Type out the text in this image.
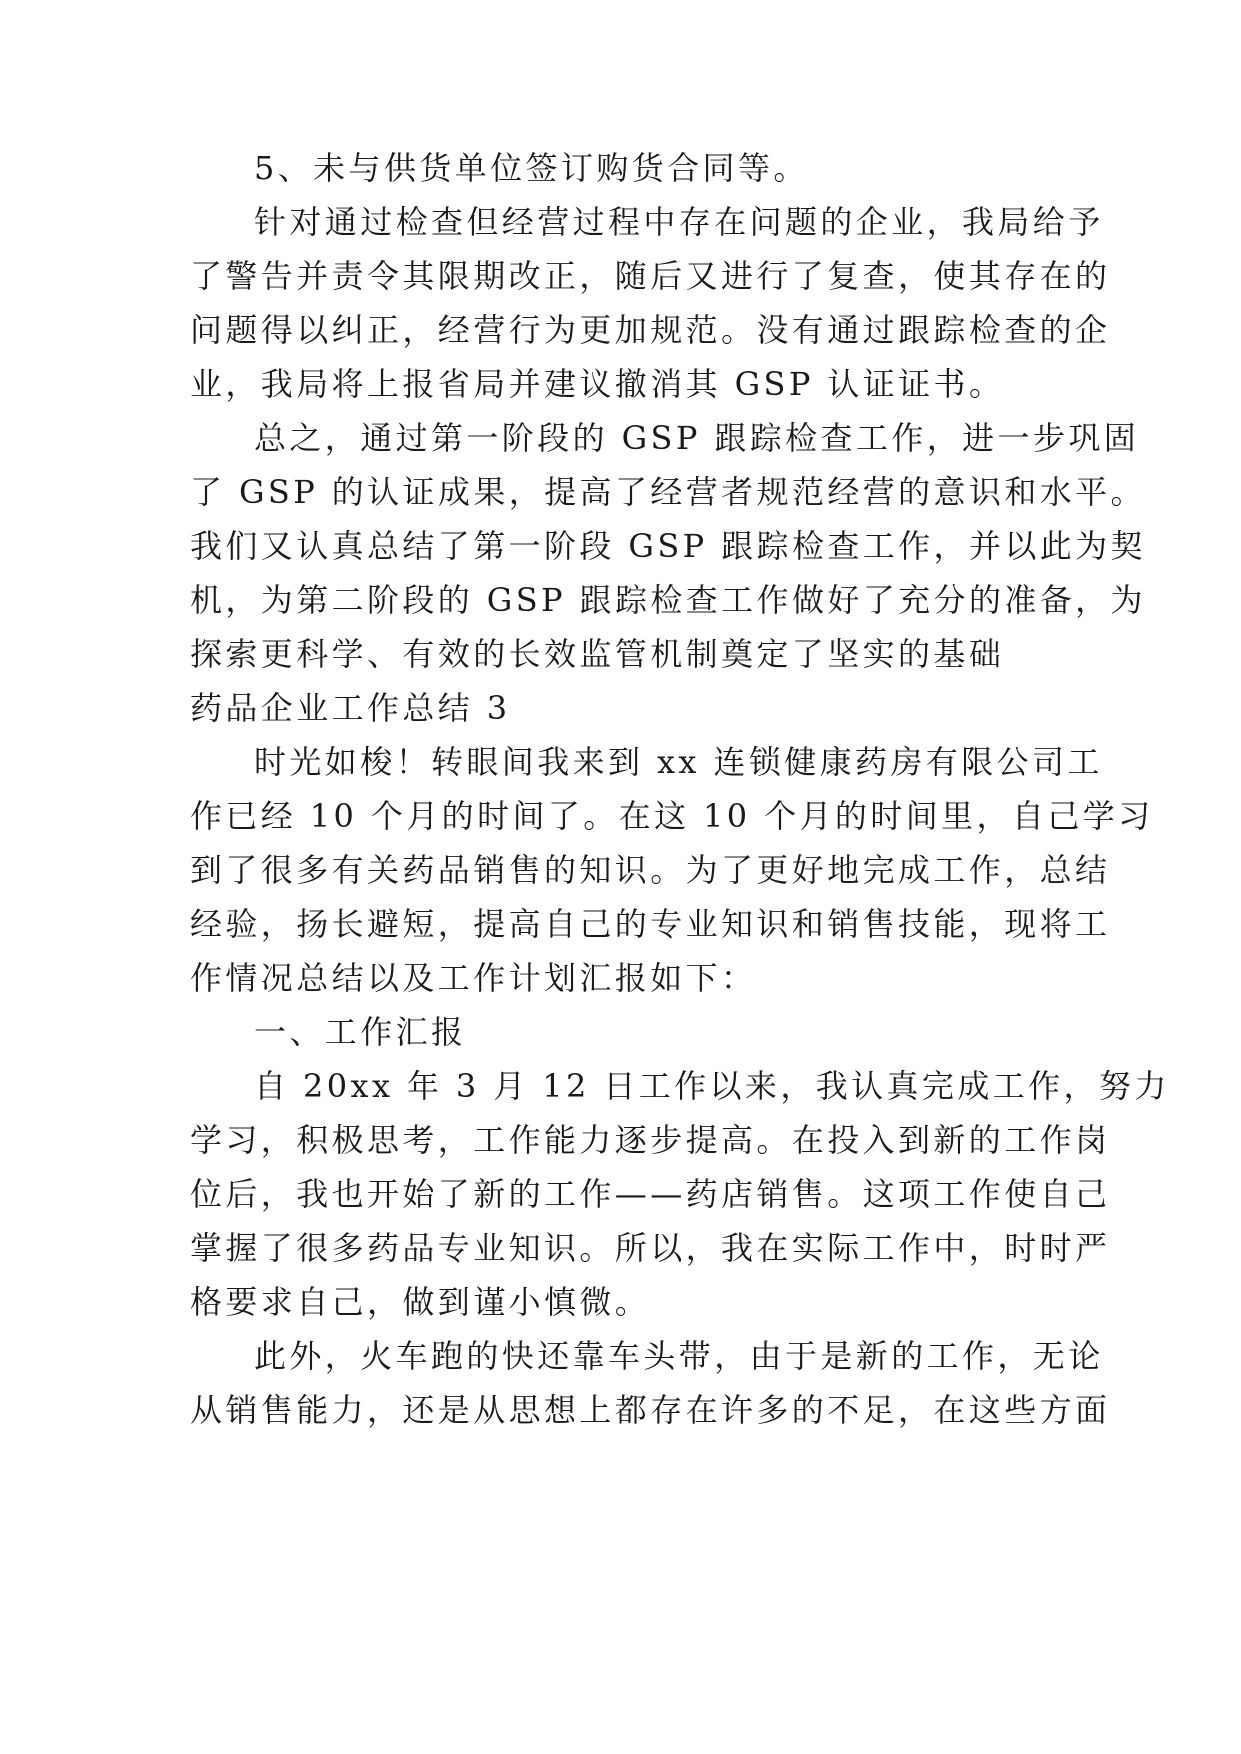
5、未与供货单位签订购货合同等。

针对通过检查但经营过程中存在问题的企业，我局给予

了警告并责令其限期改正，随后又进行了复查，使其存在的

问题得以纠正，经营行为更加规范。没有通过跟踪检查的企

业，我局将上报省局并建议撤消其 GSP 认证证书。

总之，通过第一阶段的 GSP 跟踪检查工作，进一步巩固

了 GSP 的认证成果，提高了经营者规范经营的意识和水平。

我们又认真总结了第一阶段 GSP 跟踪检查工作，并以此为契

机，为第二阶段的 GSP 跟踪检查工作做好了充分的准备，为

探索更科学、有效的长效监管机制奠定了坚实的基础

药品企业工作总结 3

时光如梭！转眼间我来到 xx 连锁健康药房有限公司工

作已经 10 个月的时间了。在这 10 个月的时间里，自己学习

到了很多有关药品销售的知识。为了更好地完成工作，总结

经验，扬长避短，提高自己的专业知识和销售技能，现将工

作情况总结以及工作计划汇报如下：

一、工作汇报

自 20xx 年 3 月 12 日工作以来，我认真完成工作，努力

学习，积极思考，工作能力逐步提高。在投入到新的工作岗

位后，我也开始了新的工作——药店销售。这项工作使自己

掌握了很多药品专业知识。所以，我在实际工作中，时时严

格要求自己，做到谨小慎微。

此外，火车跑的快还靠车头带，由于是新的工作，无论

从销售能力，还是从思想上都存在许多的不足，在这些方面
